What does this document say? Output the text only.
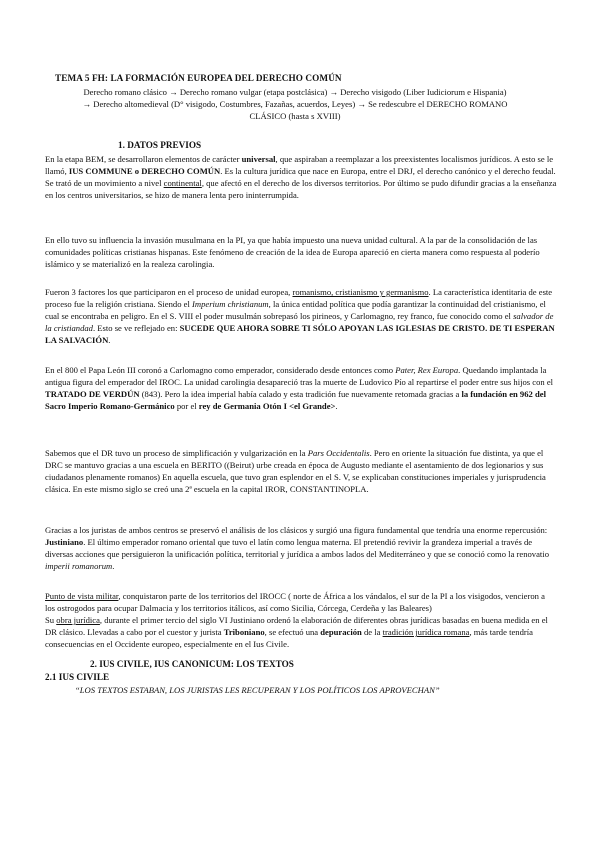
TEMA 5 FH: LA FORMACIÓN EUROPEA DEL DERECHO COMÚN
Derecho romano clásico → Derecho romano vulgar (etapa postclásica) → Derecho visigodo (Liber Iudiciorum e Hispania)
→ Derecho altomedieval (D° visigodo, Costumbres, Fazañas, acuerdos, Leyes) → Se redescubre el DERECHO ROMANO
CLÁSICO (hasta s XVIII)
1. DATOS PREVIOS

En la etapa BEM, se desarrollaron elementos de carácter universal, que aspiraban a reemplazar a los preexistentes localismos jurídicos. A esto se le llamó, IUS COMMUNE o DERECHO COMÚN. Es la cultura jurídica que nace en Europa, entre el DRJ, el derecho canónico y el derecho feudal. Se trató de un movimiento a nivel continental, que afectó en el derecho de los diversos territorios. Por último se pudo difundir gracias a la enseñanza en los centros universitarios, se hizo de manera lenta pero ininterrumpida.

En ello tuvo su influencia la invasión musulmana en la PI, ya que había impuesto una nueva unidad cultural. A la par de la consolidación de las comunidades políticas cristianas hispanas. Este fenómeno de creación de la idea de Europa apareció en cierta manera como respuesta al poderío islámico y se materializó en la realeza carolingia.

Fueron 3 factores los que participaron en el proceso de unidad europea, romanismo, cristianismo y germanismo. La característica identitaria de este proceso fue la religión cristiana. Siendo el Imperium christianum, la única entidad política que podía garantizar la continuidad del cristianismo, el cual se encontraba en peligro. En el S. VIII el poder musulmán sobrepasó los pirineos, y Carlomagno, rey franco, fue conocido como el salvador de la cristiandad. Esto se ve reflejado en: SUCEDE QUE AHORA SOBRE TI SÓLO APOYAN LAS IGLESIAS DE CRISTO. DE TI ESPERAN LA SALVACIÓN.

En el 800 el Papa León III coronó a Carlomagno como emperador, considerado desde entonces como Pater, Rex Europa. Quedando implantada la antigua figura del emperador del IROC. La unidad carolingia desapareció tras la muerte de Ludovico Pío al repartirse el poder entre sus hijos con el TRATADO DE VERDÚN (843). Pero la idea imperial había calado y esta tradición fue nuevamente retomada gracias a la fundación en 962 del Sacro Imperio Romano-Germánico por el rey de Germania Otón I <el Grande>.

Sabemos que el DR tuvo un proceso de simplificación y vulgarización en la Pars Occidentalis. Pero en oriente la situación fue distinta, ya que el DRC se mantuvo gracias a una escuela en BERITO ((Beirut) urbe creada en época de Augusto mediante el asentamiento de dos legionarios y sus ciudadanos plenamente romanos) En aquella escuela, que tuvo gran esplendor en el S. V, se explicaban constituciones imperiales y jurisprudencia clásica. En este mismo siglo se creó una 2ª escuela en la capital IROR, CONSTANTINOPLA.

Gracias a los juristas de ambos centros se preservó el análisis de los clásicos y surgió una figura fundamental que tendría una enorme repercusión: Justiniano. El último emperador romano oriental que tuvo el latín como lengua materna. El pretendió revivir la grandeza imperial a través de diversas acciones que persiguieron la unificación política, territorial y jurídica a ambos lados del Mediterráneo y que se conoció como la renovatio imperii romanorum.

Punto de vista militar, conquistaron parte de los territorios del IROCC ( norte de África a los vándalos, el sur de la PI a los visigodos, vencieron a los ostrogodos para ocupar Dalmacia y los territorios itálicos, así como Sicilia, Córcega, Cerdeña y las Baleares)

Su obra jurídica, durante el primer tercio del siglo VI Justiniano ordenó la elaboración de diferentes obras jurídicas basadas en buena medida en el DR clásico. Llevadas a cabo por el cuestor y jurista Triboniano, se efectuó una depuración de la tradición jurídica romana, más tarde tendría consecuencias en el Occidente europeo, especialmente en el Ius Civile.

2. IUS CIVILE, IUS CANONICUM: LOS TEXTOS
2.1 IUS CIVILE
“LOS TEXTOS ESTABAN, LOS JURISTAS LES RECUPERAN Y LOS POLÍTICOS LOS APROVECHAN”
